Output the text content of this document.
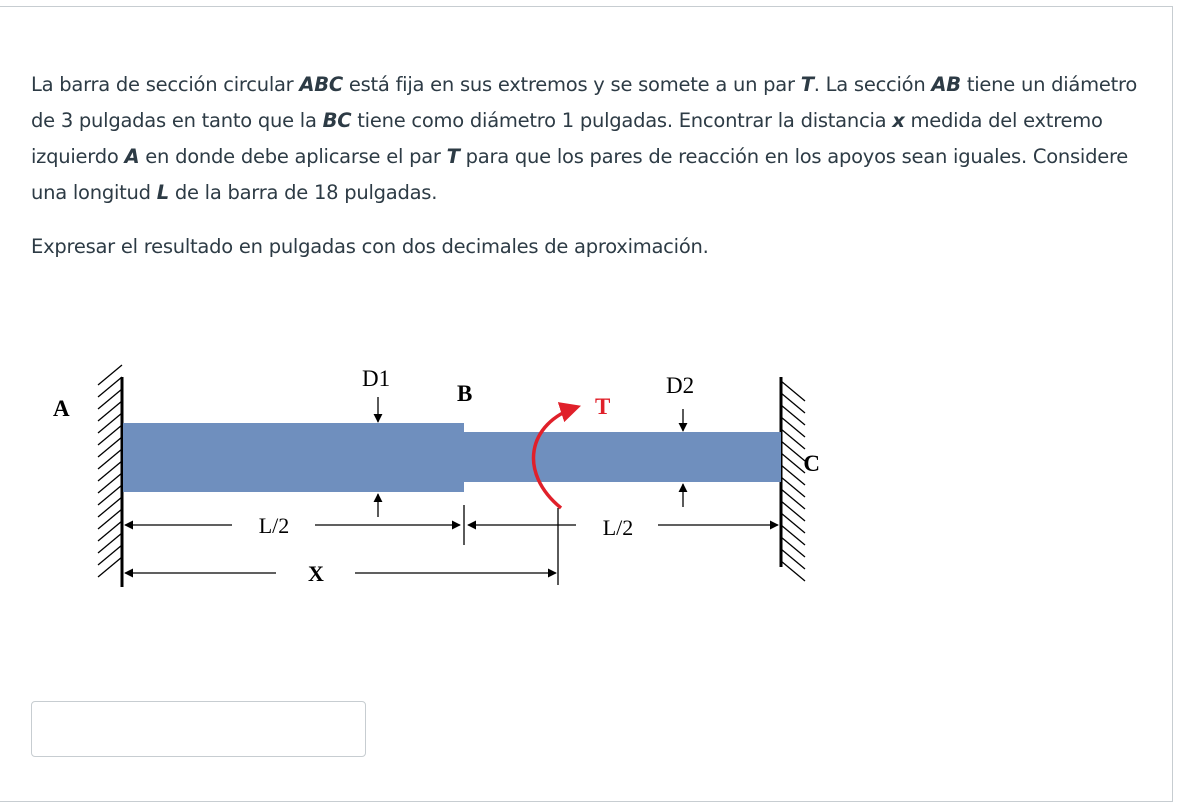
La barra de sección circular ABC está fija en sus extremos y se somete a un par T. La sección AB tiene un diámetro de 3 pulgadas en tanto que la BC tiene como diámetro 1 pulgadas. Encontrar la distancia x medida del extremo izquierdo A en donde debe aplicarse el par T para que los pares de reacción en los apoyos sean iguales. Considere una longitud L de la barra de 18 pulgadas.

Expresar el resultado en pulgadas con dos decimales de aproximación.

A
D1
B
T
D2
C
L/2	L/2
X
